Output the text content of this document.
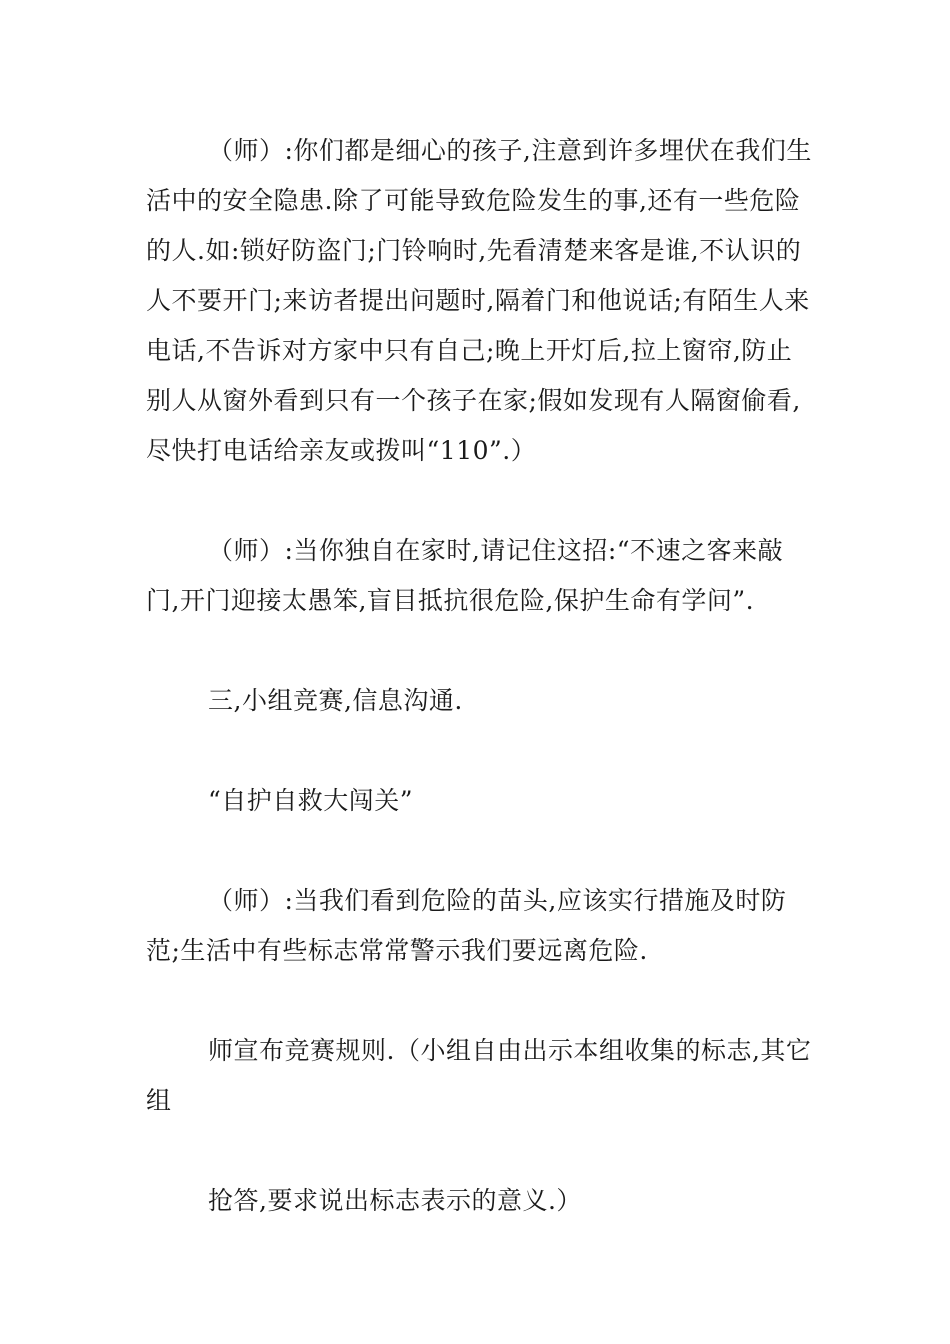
（师）:你们都是细心的孩子,注意到许多埋伏在我们生活中的安全隐患.除了可能导致危险发生的事,还有一些危险的人.如:锁好防盗门;门铃响时,先看清楚来客是谁,不认识的人不要开门;来访者提出问题时,隔着门和他说话;有陌生人来电话,不告诉对方家中只有自己;晚上开灯后,拉上窗帘,防止别人从窗外看到只有一个孩子在家;假如发现有人隔窗偷看,尽快打电话给亲友或拨叫“110”.）

（师）:当你独自在家时,请记住这招:“不速之客来敲门,开门迎接太愚笨,盲目抵抗很危险,保护生命有学问”.

三,小组竞赛,信息沟通.

“自护自救大闯关”

（师）:当我们看到危险的苗头,应该实行措施及时防范;生活中有些标志常常警示我们要远离危险.

师宣布竞赛规则.（小组自由出示本组收集的标志,其它组

抢答,要求说出标志表示的意义.）
